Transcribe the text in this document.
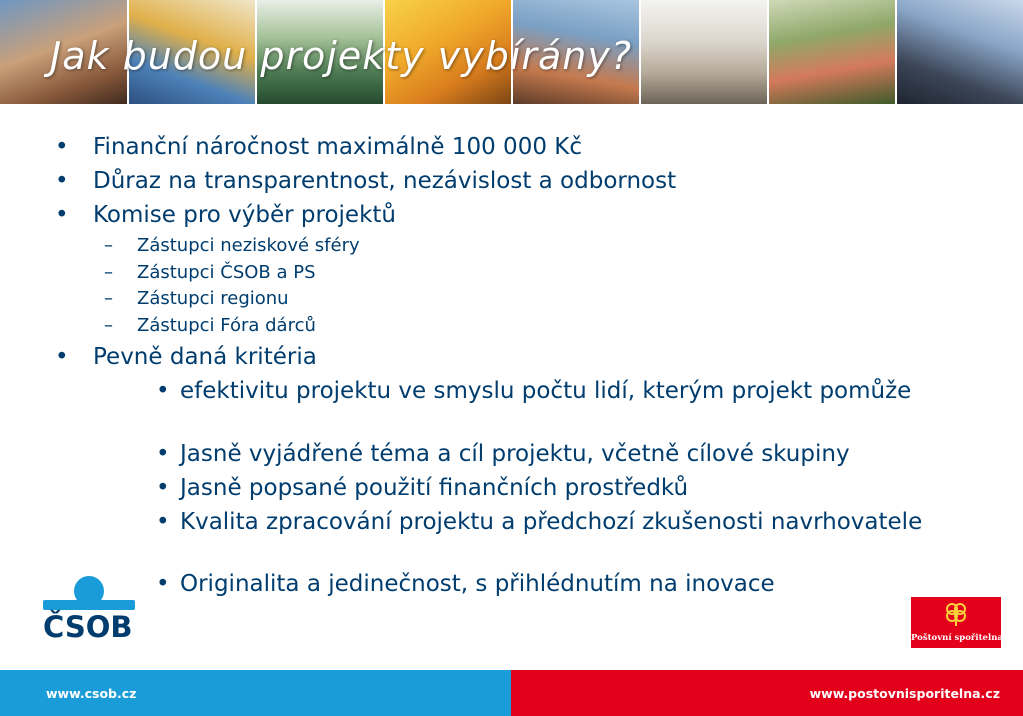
Jak budou projekty vybírány?
• Finanční náročnost maximálně 100 000 Kč
• Důraz na transparentnost, nezávislost a odbornost
• Komise pro výběr projektů
– Zástupci neziskové sféry
– Zástupci ČSOB a PS
– Zástupci regionu
– Zástupci Fóra dárců
• Pevně daná kritéria
• efektivitu projektu ve smyslu počtu lidí, kterým projekt pomůže
• Jasně vyjádřené téma a cíl projektu, včetně cílové skupiny
• Jasně popsané použití finančních prostředků
• Kvalita zpracování projektu a předchozí zkušenosti navrhovatele
• Originalita a jedinečnost, s přihlédnutím na inovace
ČSOB	Poštovní spořitelna
www.csob.cz	www.postovnisporitelna.cz
